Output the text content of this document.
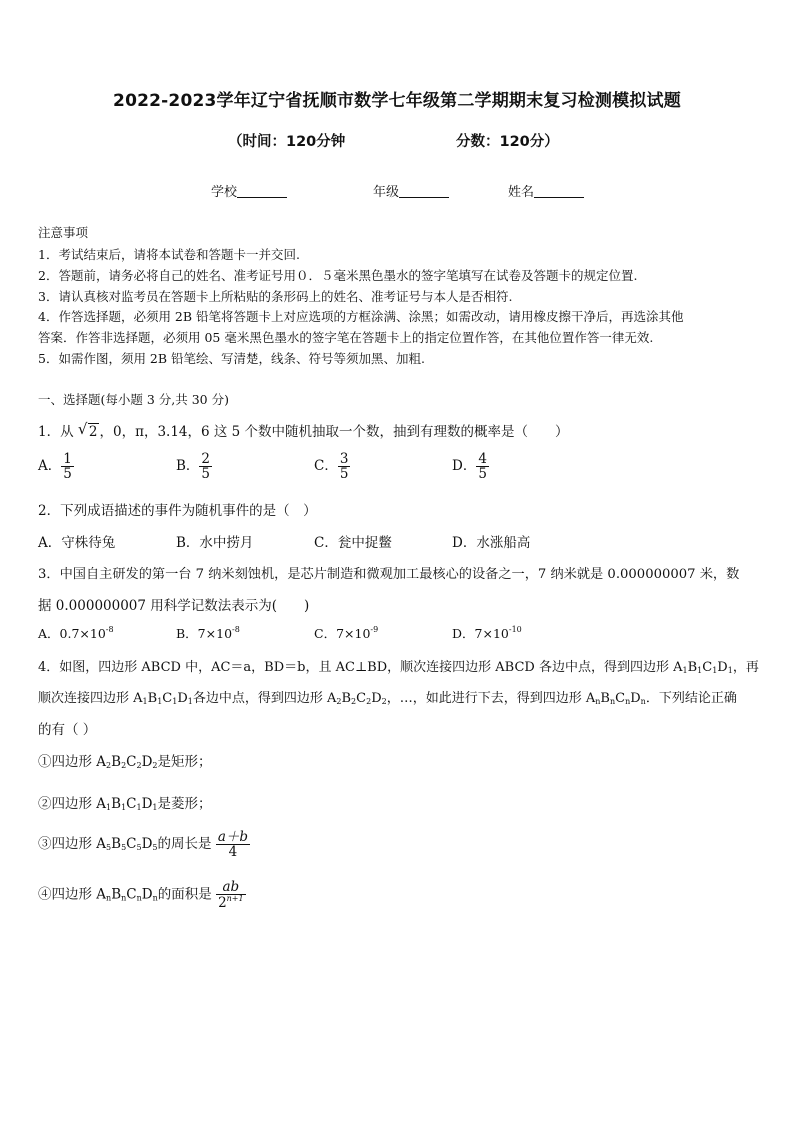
2022-2023学年辽宁省抚顺市数学七年级第二学期期末复习检测模拟试题
（时间：120分钟	分数：120分）
学校	年级	姓名
注意事项
1．考试结束后，请将本试卷和答题卡一并交回.
2．答题前，请务必将自己的姓名、准考证号用０．５毫米黑色墨水的签字笔填写在试卷及答题卡的规定位置.
3．请认真核对监考员在答题卡上所粘贴的条形码上的姓名、准考证号与本人是否相符.
4．作答选择题，必须用 2B 铅笔将答题卡上对应选项的方框涂满、涂黑；如需改动，请用橡皮擦干净后，再选涂其他
答案．作答非选择题，必须用 05 毫米黑色墨水的签字笔在答题卡上的指定位置作答，在其他位置作答一律无效.
5．如需作图，须用 2B 铅笔绘、写清楚，线条、符号等须加黑、加粗.
一、选择题(每小题 3 分,共 30 分)
1．从 √ 2 ，0，π，3.14，6 这 5 个数中随机抽取一个数，抽到有理数的概率是（　　）
A． $\frac{1}{5}$	B． $\frac{2}{5}$	C． $\frac{3}{5}$	D． $\frac{4}{5}$
2．下列成语描述的事件为随机事件的是（　）
A．守株待兔	B．水中捞月	C．瓮中捉鳖	D．水涨船高
3．中国自主研发的第一台 7 纳米刻蚀机，是芯片制造和微观加工最核心的设备之一，7 纳米就是 0.000000007 米，数
据 0.000000007 用科学记数法表示为(　　)
A．$0.7\times 10^{-8}$	B．$7\times 10^{-8}$	C．$7\times 10^{-9}$	D．$7\times 10^{-10}$
4．如图，四边形 ABCD 中，AC＝a，BD＝b，且 AC⊥BD，顺次连接四边形 ABCD 各边中点，得到四边形 $A_1B_1C_1D_1$，再
顺次连接四边形 $A_1B_1C_1D_1$各边中点，得到四边形 $A_2B_2C_2D_2$，…，如此进行下去，得到四边形 $A_nB_nC_nD_n$．下列结论正确
的有（ ）
①四边形 $A_2B_2C_2D_2$是矩形；
②四边形 $A_1B_1C_1D_1$是菱形；
③四边形 $A_5B_5C_5D_5$的周长是 $\frac{a+b}{4}$
④四边形 $A_nB_nC_nD_n$的面积是 $\frac{ab}{2^{n+1}}$
